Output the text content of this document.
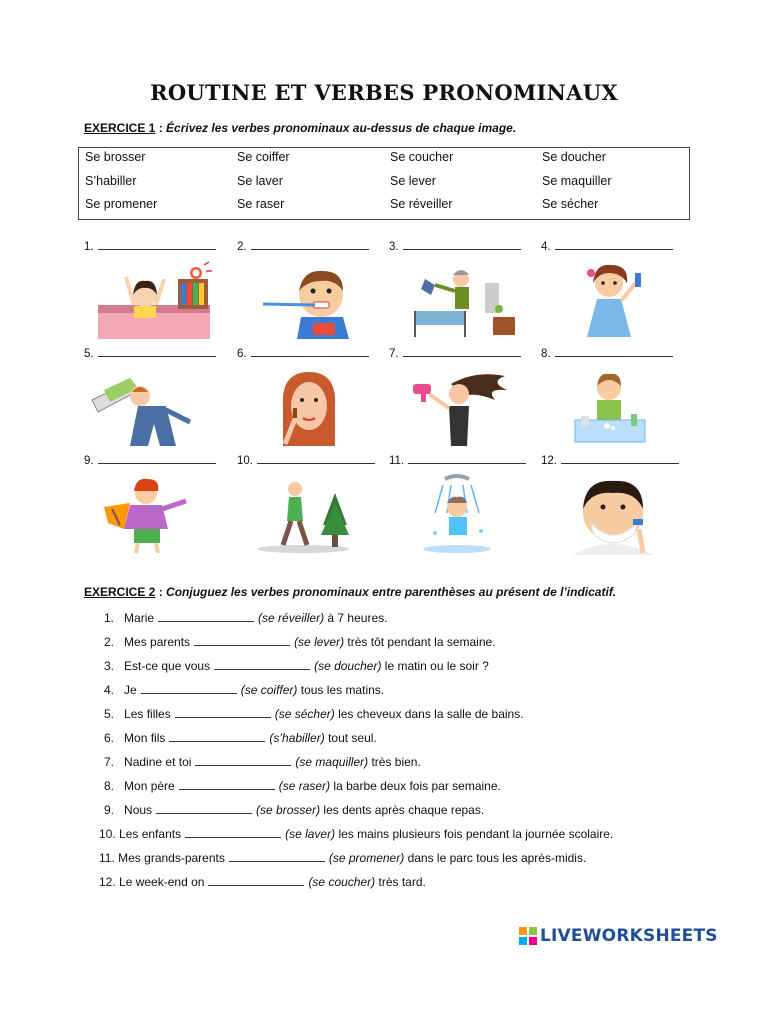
ROUTINE ET VERBES PRONOMINAUX
EXERCICE 1 : Écrivez les verbes pronominaux au-dessus de chaque image.
Se brosser	Se coiffer	Se coucher	Se doucher
S’habiller	Se laver	Se lever	Se maquiller
Se promener	Se raser	Se réveiller	Se sécher
1.	2.	3.	4.
5.	6.	7.	8.
9.	10.	11.	12.
EXERCICE 2 : Conjuguez les verbes pronominaux entre parenthèses au présent de l’indicatif.
1. Marie	(se réveiller) à 7 heures.
2. Mes parents	(se lever) très tôt pendant la semaine.
3. Est-ce que vous	(se doucher) le matin ou le soir ?
4. Je	(se coiffer) tous les matins.
5. Les filles	(se sécher) les cheveux dans la salle de bains.
6. Mon fils	(s’habiller) tout seul.
7. Nadine et toi	(se maquiller) très bien.
8. Mon père	(se raser) la barbe deux fois par semaine.
9. Nous	(se brosser) les dents après chaque repas.
10. Les enfants	(se laver) les mains plusieurs fois pendant la journée scolaire.
11. Mes grands-parents	(se promener) dans le parc tous les après-midis.
12. Le week-end on	(se coucher) très tard.
LIVEWORKSHEETS
